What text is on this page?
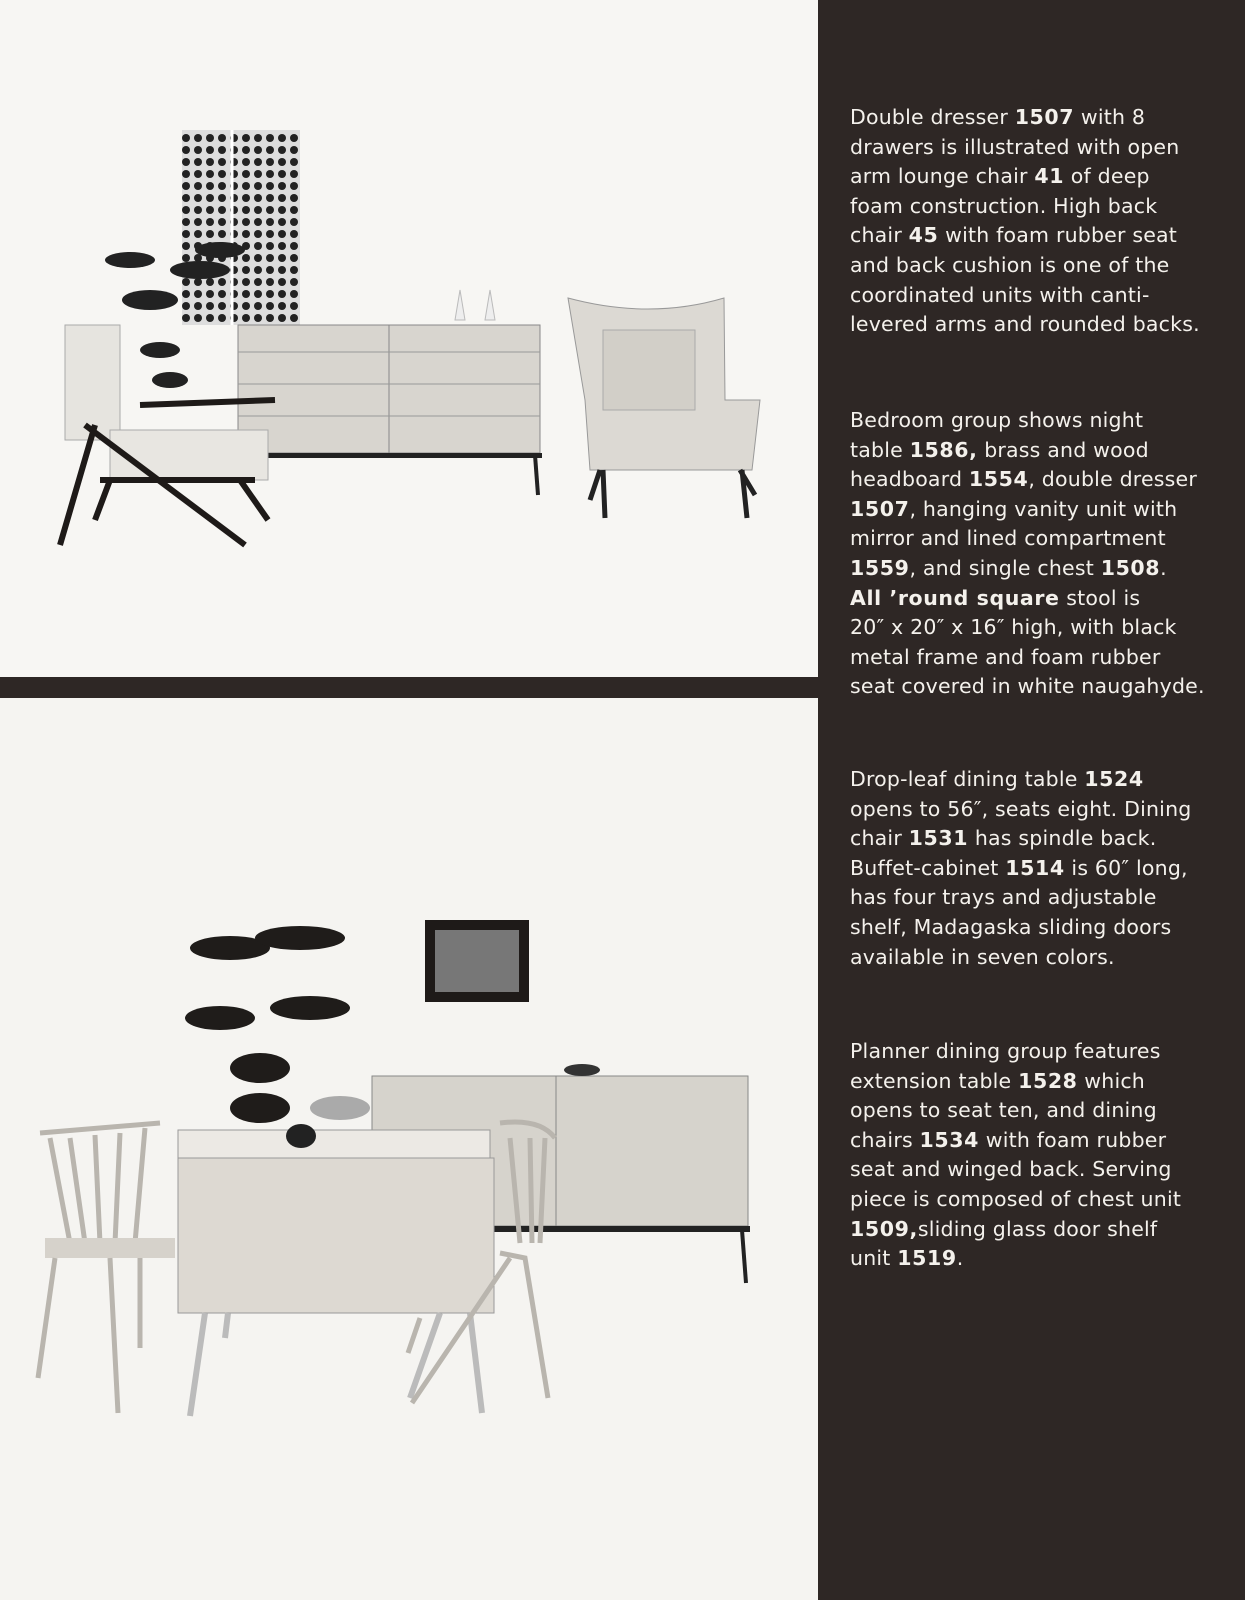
Double dresser 1507 with 8
drawers is illustrated with open
arm lounge chair 41 of deep
foam construction. High back
chair 45 with foam rubber seat
and back cushion is one of the
coordinated units with canti-
levered arms and rounded backs.
Bedroom group shows night
table 1586, brass and wood
headboard 1554, double dresser
1507, hanging vanity unit with
mirror and lined compartment
1559, and single chest 1508.
All ’round square stool is
20″ x 20″ x 16″ high, with black
metal frame and foam rubber
seat covered in white naugahyde.
Drop-leaf dining table 1524
opens to 56″, seats eight. Dining
chair 1531 has spindle back.
Buffet-cabinet 1514 is 60″ long,
has four trays and adjustable
shelf, Madagaska sliding doors
available in seven colors.
Planner dining group features
extension table 1528 which
opens to seat ten, and dining
chairs 1534 with foam rubber
seat and winged back. Serving
piece is composed of chest unit
1509,sliding glass door shelf
unit 1519.
